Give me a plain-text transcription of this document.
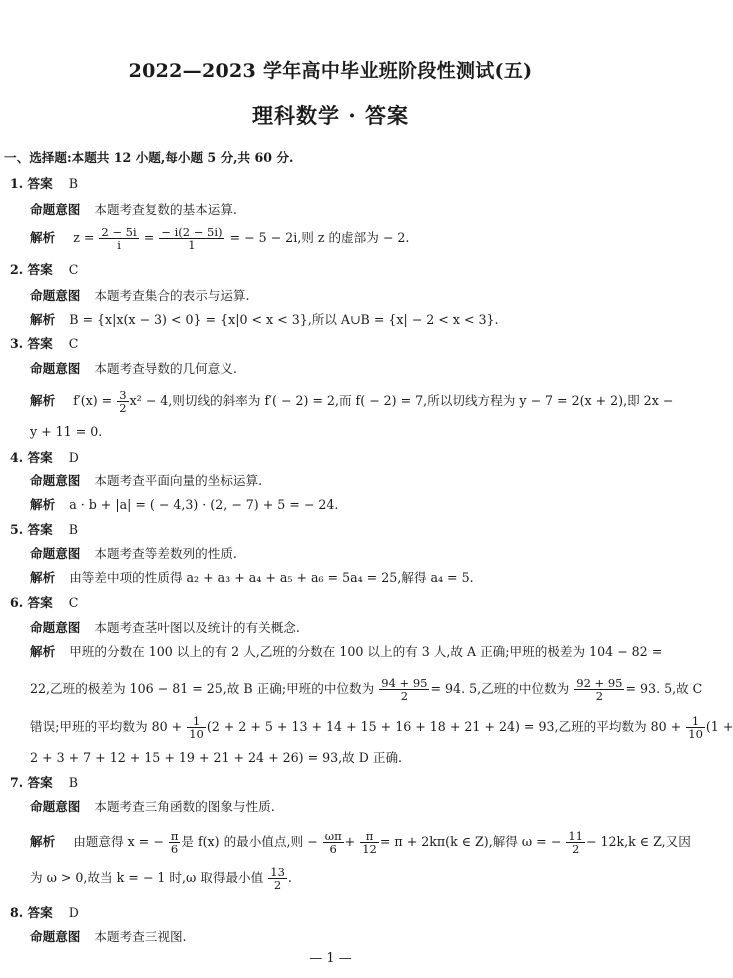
2022—2023 学年高中毕业班阶段性测试(五)
理科数学 · 答案
一、选择题:本题共 12 小题,每小题 5 分,共 60 分.
1. 答案 B
命题意图 本题考查复数的基本运算.
解析 $z = \frac{2 - 5i}{i} = \frac{- i(2 - 5i)}{1}$ = − 5 − 2i,则 z 的虚部为 − 2.
2. 答案 C
命题意图 本题考查集合的表示与运算.
解析 B = {x|x(x − 3) < 0} = {x|0 < x < 3},所以 A∪B = {x| − 2 < x < 3}.
3. 答案 C
命题意图 本题考查导数的几何意义.
解析 $f'(x) = \frac{3}{2} x^2 - 4$,则切线的斜率为 f′( − 2) = 2,而 f( − 2) = 7,所以切线方程为 y − 7 = 2(x + 2),即 2x −
y + 11 = 0.
4. 答案 D
命题意图 本题考查平面向量的坐标运算.
解析 a · b + |a| = ( − 4,3) · (2, − 7) + 5 = − 24.
5. 答案 B
命题意图 本题考查等差数列的性质.
解析 由等差中项的性质得 a₂ + a₃ + a₄ + a₅ + a₆ = 5a₄ = 25,解得 a₄ = 5.
6. 答案 C
命题意图 本题考查茎叶图以及统计的有关概念.
解析 甲班的分数在 100 以上的有 2 人,乙班的分数在 100 以上的有 3 人,故 A 正确;甲班的极差为 104 − 82 =
22,乙班的极差为 106 − 81 = 25,故 B 正确;甲班的中位数为 $\frac{94 + 95}{2} = 94$. 5,乙班的中位数为 $\frac{92 + 95}{2} = 93$. 5,故 C
错误;甲班的平均数为 $80 + \frac{1}{10} (2 + 2 + 5 + 13 + 14 + 15 + 16 + 18 + 21 + 24) = 93$,乙班的平均数为 $80 + \frac{1}{10} (1$ +
2 + 3 + 7 + 12 + 15 + 19 + 21 + 24 + 26) = 93,故 D 正确.
7. 答案 B
命题意图 本题考查三角函数的图象与性质.
解析 由题意得 x = − $\frac{\pi}{6}$ 是 f(x) 的最小值点,则 − $\frac{\omega\pi}{6} + \frac{\pi}{12} = \pi + 2k\pi(k$ ∈ Z),解得 ω = − $\frac{11}{2} - 12k,k$ ∈ Z,又因
为 ω > 0,故当 k = − 1 时,ω 取得最小值 $\frac{13}{2}$ .
8. 答案 D
命题意图 本题考查三视图.
— 1 —
